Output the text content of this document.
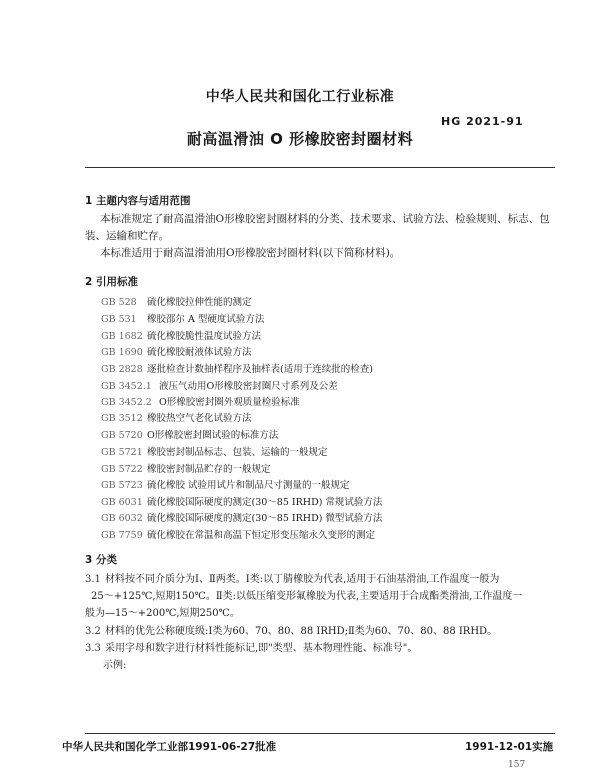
中华人民共和国化工行业标准
HG 2021-91
耐高温滑油 O 形橡胶密封圈材料
1 主题内容与适用范围
本标准规定了耐高温滑油O形橡胶密封圈材料的分类、技术要求、试验方法、检验规则、标志、包
装、运输和贮存。
本标准适用于耐高温滑油用O形橡胶密封圈材料(以下简称材料)。
2 引用标准
GB 528 硫化橡胶拉伸性能的测定
GB 531 橡胶邵尔 A 型硬度试验方法
GB 1682 硫化橡胶脆性温度试验方法
GB 1690 硫化橡胶耐液体试验方法
GB 2828 逐批检查计数抽样程序及抽样表(适用于连续批的检查)
GB 3452.1 液压气动用O形橡胶密封圈尺寸系列及公差
GB 3452.2 O形橡胶密封圈外观质量检验标准
GB 3512 橡胶热空气老化试验方法
GB 5720 O形橡胶密封圈试验的标准方法
GB 5721 橡胶密封制品标志、包装、运输的一般规定
GB 5722 橡胶密封制品贮存的一般规定
GB 5723 硫化橡胶 试验用试片和制品尺寸测量的一般规定
GB 6031 硫化橡胶国际硬度的测定(30～85 IRHD) 常规试验方法
GB 6032 硫化橡胶国际硬度的测定(30～85 IRHD) 微型试验方法
GB 7759 硫化橡胶在常温和高温下恒定形变压缩永久变形的测定
3 分类
3.1 材料按不同介质分为Ⅰ、Ⅱ两类。Ⅰ类:以丁腈橡胶为代表,适用于石油基滑油,工作温度一般为
25～+125℃,短期150℃。Ⅱ类:以低压缩变形氟橡胶为代表,主要适用于合成酯类滑油,工作温度一
般为—15～+200℃,短期250℃。
3.2 材料的优先公称硬度级:Ⅰ类为60、70、80、88 IRHD;Ⅱ类为60、70、80、88 IRHD。
3.3 采用字母和数字进行材料性能标记,即"类型、基本物理性能、标准号"。
示例:
中华人民共和国化学工业部1991-06-27批准	1991-12-01实施
157
